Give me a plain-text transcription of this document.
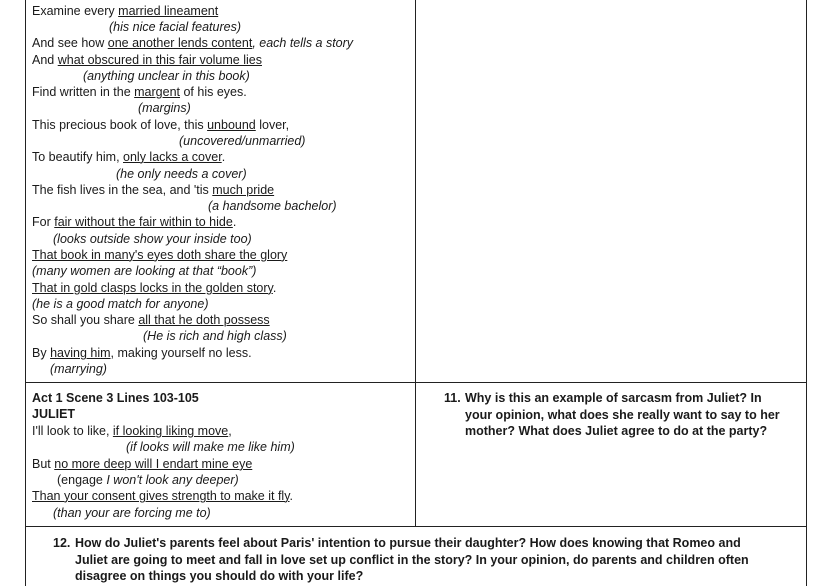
Examine every married lineament
(his nice facial features)
And see how one another lends content, each tells a story
And what obscured in this fair volume lies
(anything unclear in this book)
Find written in the margent of his eyes.
(margins)
This precious book of love, this unbound lover,
(uncovered/unmarried)
To beautify him, only lacks a cover.
(he only needs a cover)
The fish lives in the sea, and 'tis much pride
(a handsome bachelor)
For fair without the fair within to hide.
(looks outside show your inside too)
That book in many's eyes doth share the glory
(many women are looking at that “book”)
That in gold clasps locks in the golden story.
(he is a good match for anyone)
So shall you share all that he doth possess
(He is rich and high class)
By having him, making yourself no less.
(marrying)
Act 1 Scene 3 Lines 103-105
JULIET
I'll look to like, if looking liking move,
(if looks will make me like him)
But no more deep will I endart mine eye
(engage I won't look any deeper)
Than your consent gives strength to make it fly.
(than your are forcing me to)
11. Why is this an example of sarcasm from Juliet? In
your opinion, what does she really want to say to her
mother? What does Juliet agree to do at the party?
12. How do Juliet's parents feel about Paris' intention to pursue their daughter? How does knowing that Romeo and
Juliet are going to meet and fall in love set up conflict in the story? In your opinion, do parents and children often
disagree on things you should do with your life?
